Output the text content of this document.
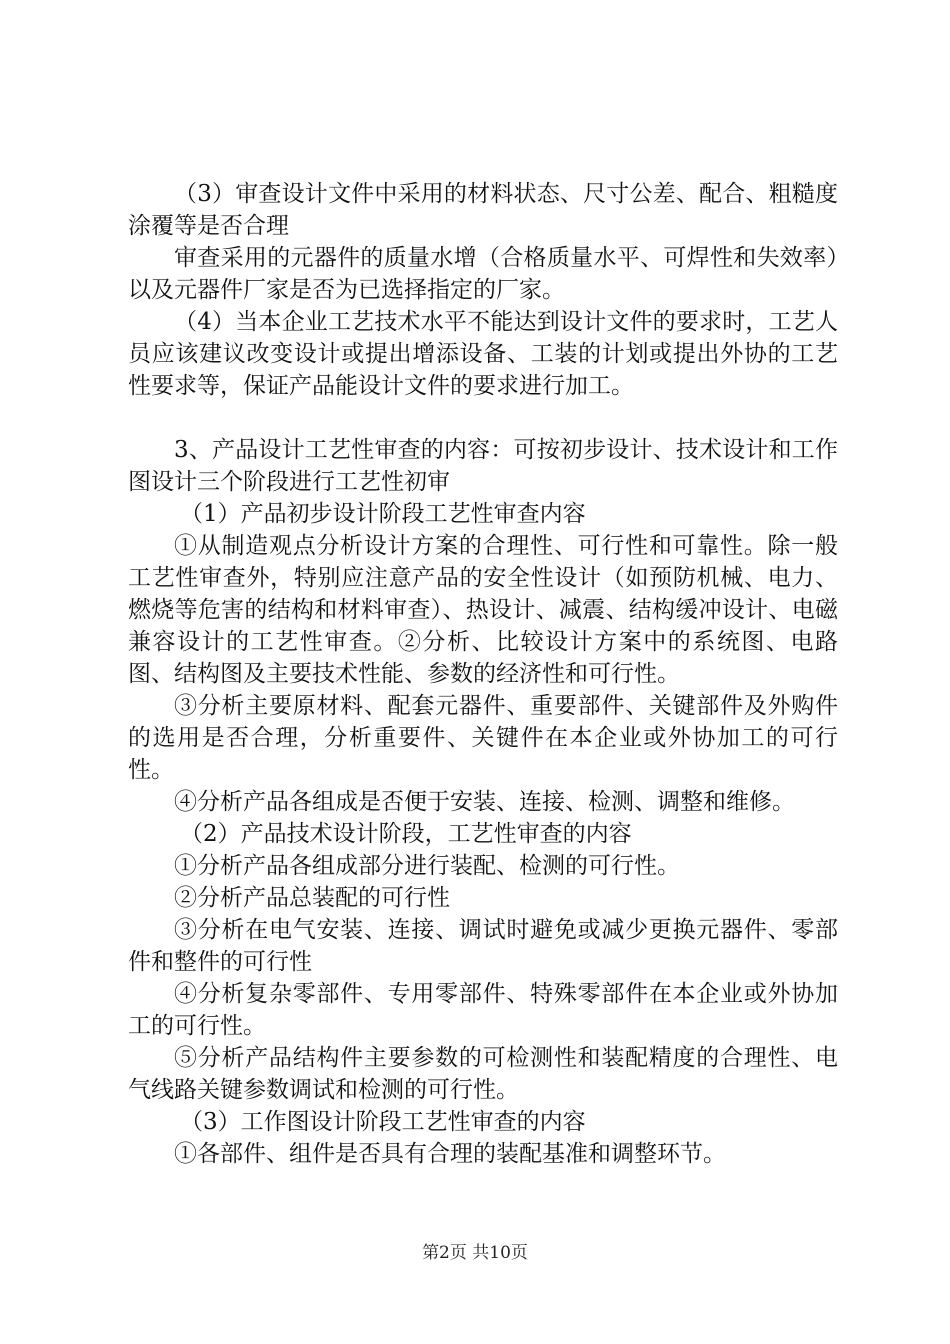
（3）审查设计文件中采用的材料状态、尺寸公差、配合、粗糙度涂覆等是否合理

审查采用的元器件的质量水增（合格质量水平、可焊性和失效率）以及元器件厂家是否为已选择指定的厂家。

（4）当本企业工艺技术水平不能达到设计文件的要求时，工艺人员应该建议改变设计或提出增添设备、工装的计划或提出外协的工艺性要求等，保证产品能设计文件的要求进行加工。

3、产品设计工艺性审查的内容：可按初步设计、技术设计和工作图设计三个阶段进行工艺性初审

（1）产品初步设计阶段工艺性审查内容

①从制造观点分析设计方案的合理性、可行性和可靠性。除一般工艺性审查外，特别应注意产品的安全性设计（如预防机械、电力、燃烧等危害的结构和材料审查）、热设计、减震、结构缓冲设计、电磁兼容设计的工艺性审查。②分析、比较设计方案中的系统图、电路图、结构图及主要技术性能、参数的经济性和可行性。

③分析主要原材料、配套元器件、重要部件、关键部件及外购件的选用是否合理，分析重要件、关键件在本企业或外协加工的可行性。

④分析产品各组成是否便于安装、连接、检测、调整和维修。

（2）产品技术设计阶段，工艺性审查的内容

①分析产品各组成部分进行装配、检测的可行性。

②分析产品总装配的可行性

③分析在电气安装、连接、调试时避免或减少更换元器件、零部件和整件的可行性

④分析复杂零部件、专用零部件、特殊零部件在本企业或外协加工的可行性。

⑤分析产品结构件主要参数的可检测性和装配精度的合理性、电气线路关键参数调试和检测的可行性。

（3）工作图设计阶段工艺性审查的内容

①各部件、组件是否具有合理的装配基准和调整环节。

第2页 共10页
